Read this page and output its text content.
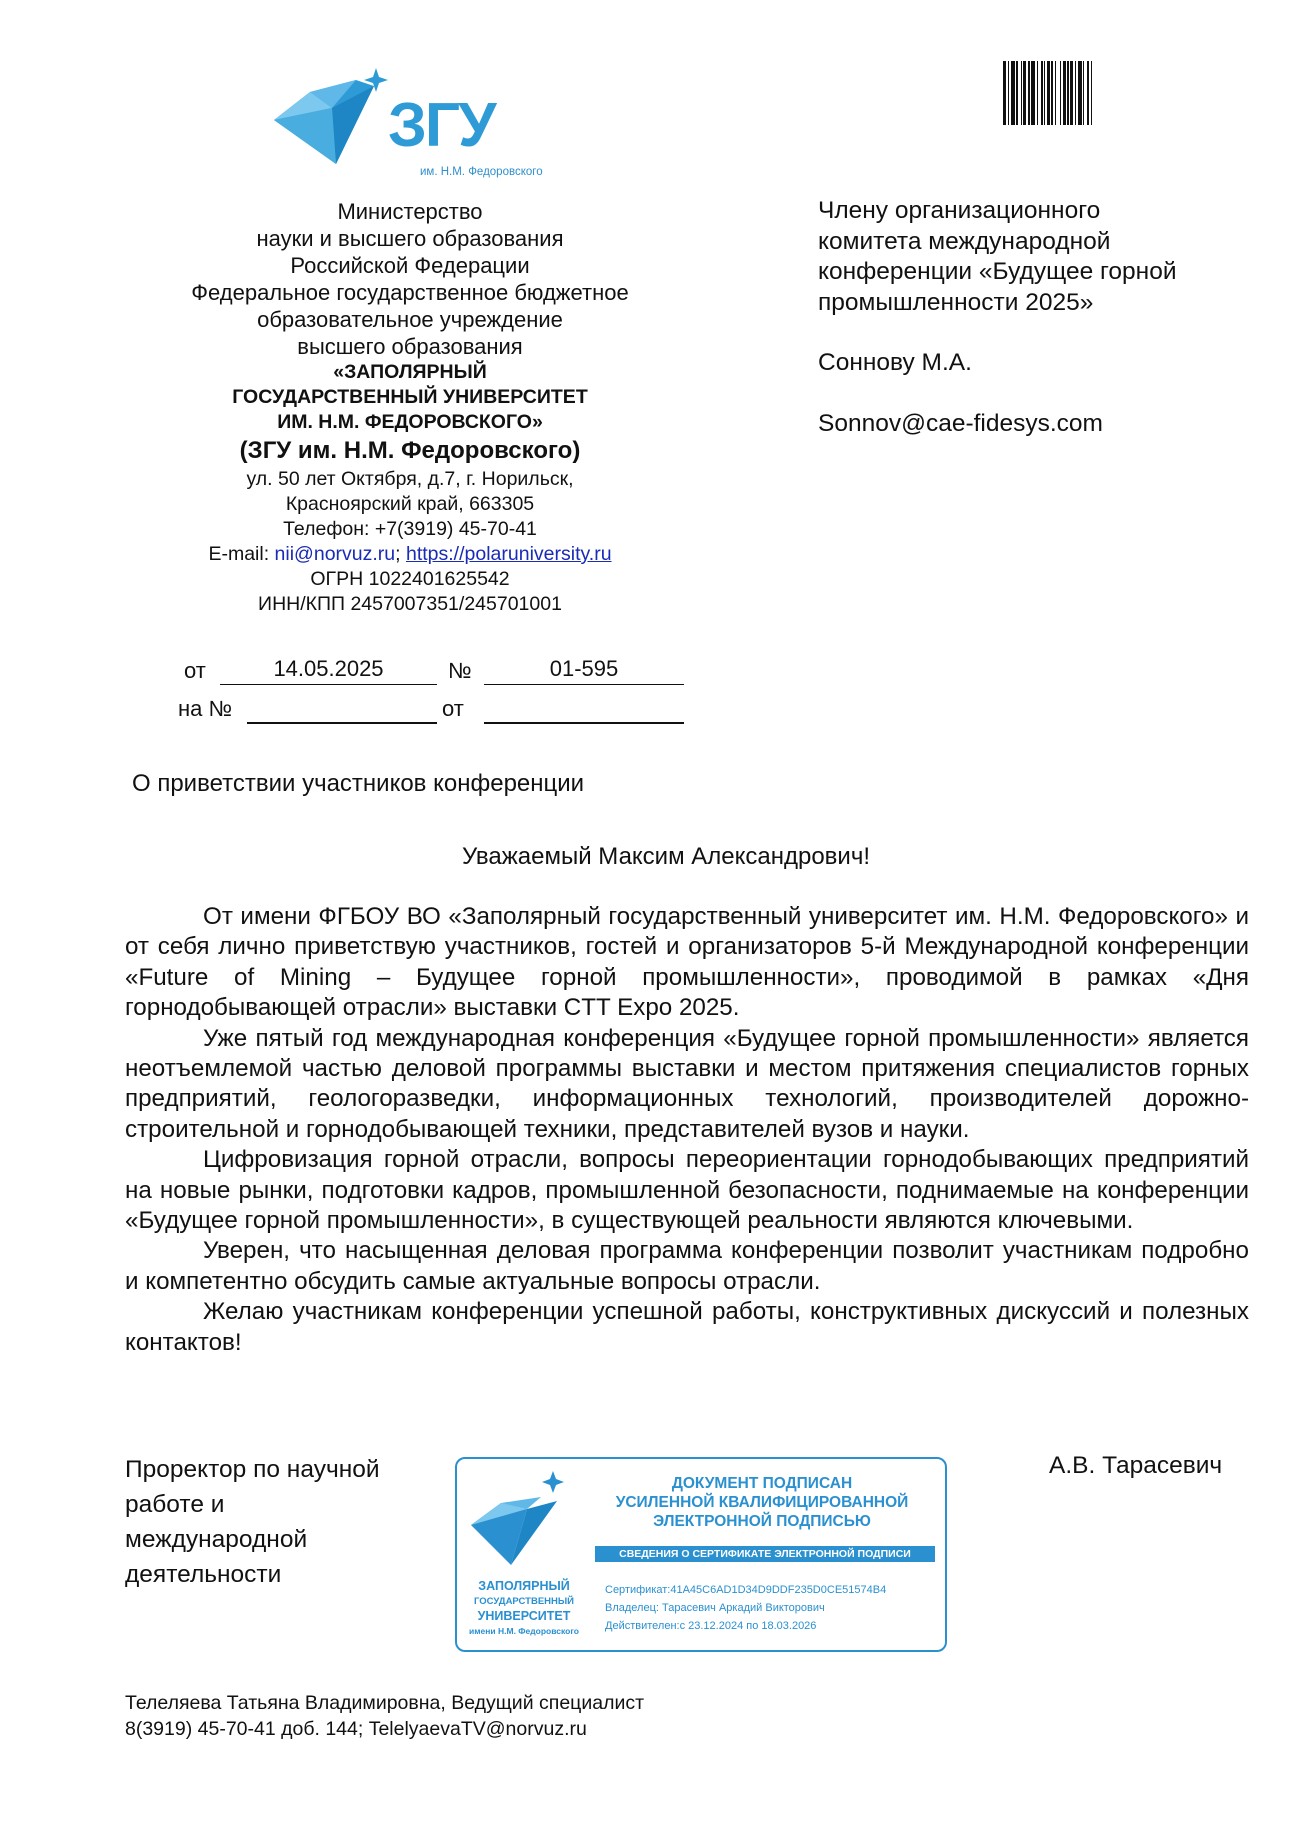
ЗГУ
им. Н.М. Федоровского
Министерство
науки и высшего образования
Российской Федерации
Федеральное государственное бюджетное
образовательное учреждение
высшего образования
«ЗАПОЛЯРНЫЙ
ГОСУДАРСТВЕННЫЙ УНИВЕРСИТЕТ
ИМ. Н.М. ФЕДОРОВСКОГО»
(ЗГУ им. Н.М. Федоровского)
ул. 50 лет Октября, д.7, г. Норильск,
Красноярский край, 663305
Телефон: +7(3919) 45-70-41
E-mail: nii@norvuz.ru; https://polaruniversity.ru
ОГРН 1022401625542
ИНН/КПП 2457007351/245701001
Члену организационного
комитета международной
конференции «Будущее горной
промышленности 2025»
Соннову М.А.
Sonnov@cae-fidesys.com
от	14.05.2025	№	01-595
на №	от
О приветствии участников конференции
Уважаемый Максим Александрович!

От имени ФГБОУ ВО «Заполярный государственный университет им. Н.М. Федоровского» и от себя лично приветствую участников, гостей и организаторов 5-й Международной конференции «Future of Mining – Будущее горной промышленности», проводимой в рамках «Дня горнодобывающей отрасли» выставки CTT Expo 2025.

Уже пятый год международная конференция «Будущее горной промышленности» является неотъемлемой частью деловой программы выставки и местом притяжения специалистов горных предприятий, геологоразведки, информационных технологий, производителей дорожно-строительной и горнодобывающей техники, представителей вузов и науки.

Цифровизация горной отрасли, вопросы переориентации горнодобывающих предприятий на новые рынки, подготовки кадров, промышленной безопасности, поднимаемые на конференции «Будущее горной промышленности», в существующей реальности являются ключевыми.

Уверен, что насыщенная деловая программа конференции позволит участникам подробно и компетентно обсудить самые актуальные вопросы отрасли.

Желаю участникам конференции успешной работы, конструктивных дискуссий и полезных контактов!

Проректор по научной
работе и
международной
деятельности
А.В. Тарасевич
ЗАПОЛЯРНЫЙ
ГОСУДАРСТВЕННЫЙ
УНИВЕРСИТЕТ
имени Н.М. Федоровского
ДОКУМЕНТ ПОДПИСАН
УСИЛЕННОЙ КВАЛИФИЦИРОВАННОЙ
ЭЛЕКТРОННОЙ ПОДПИСЬЮ
СВЕДЕНИЯ О СЕРТИФИКАТЕ ЭЛЕКТРОННОЙ ПОДПИСИ
Сертификат:41A45C6AD1D34D9DDF235D0CE51574B4
Владелец: Тарасевич Аркадий Викторович
Действителен:с 23.12.2024 по 18.03.2026
Телеляева Татьяна Владимировна, Ведущий специалист
8(3919) 45-70-41 доб. 144; TelelyaevaTV@norvuz.ru
